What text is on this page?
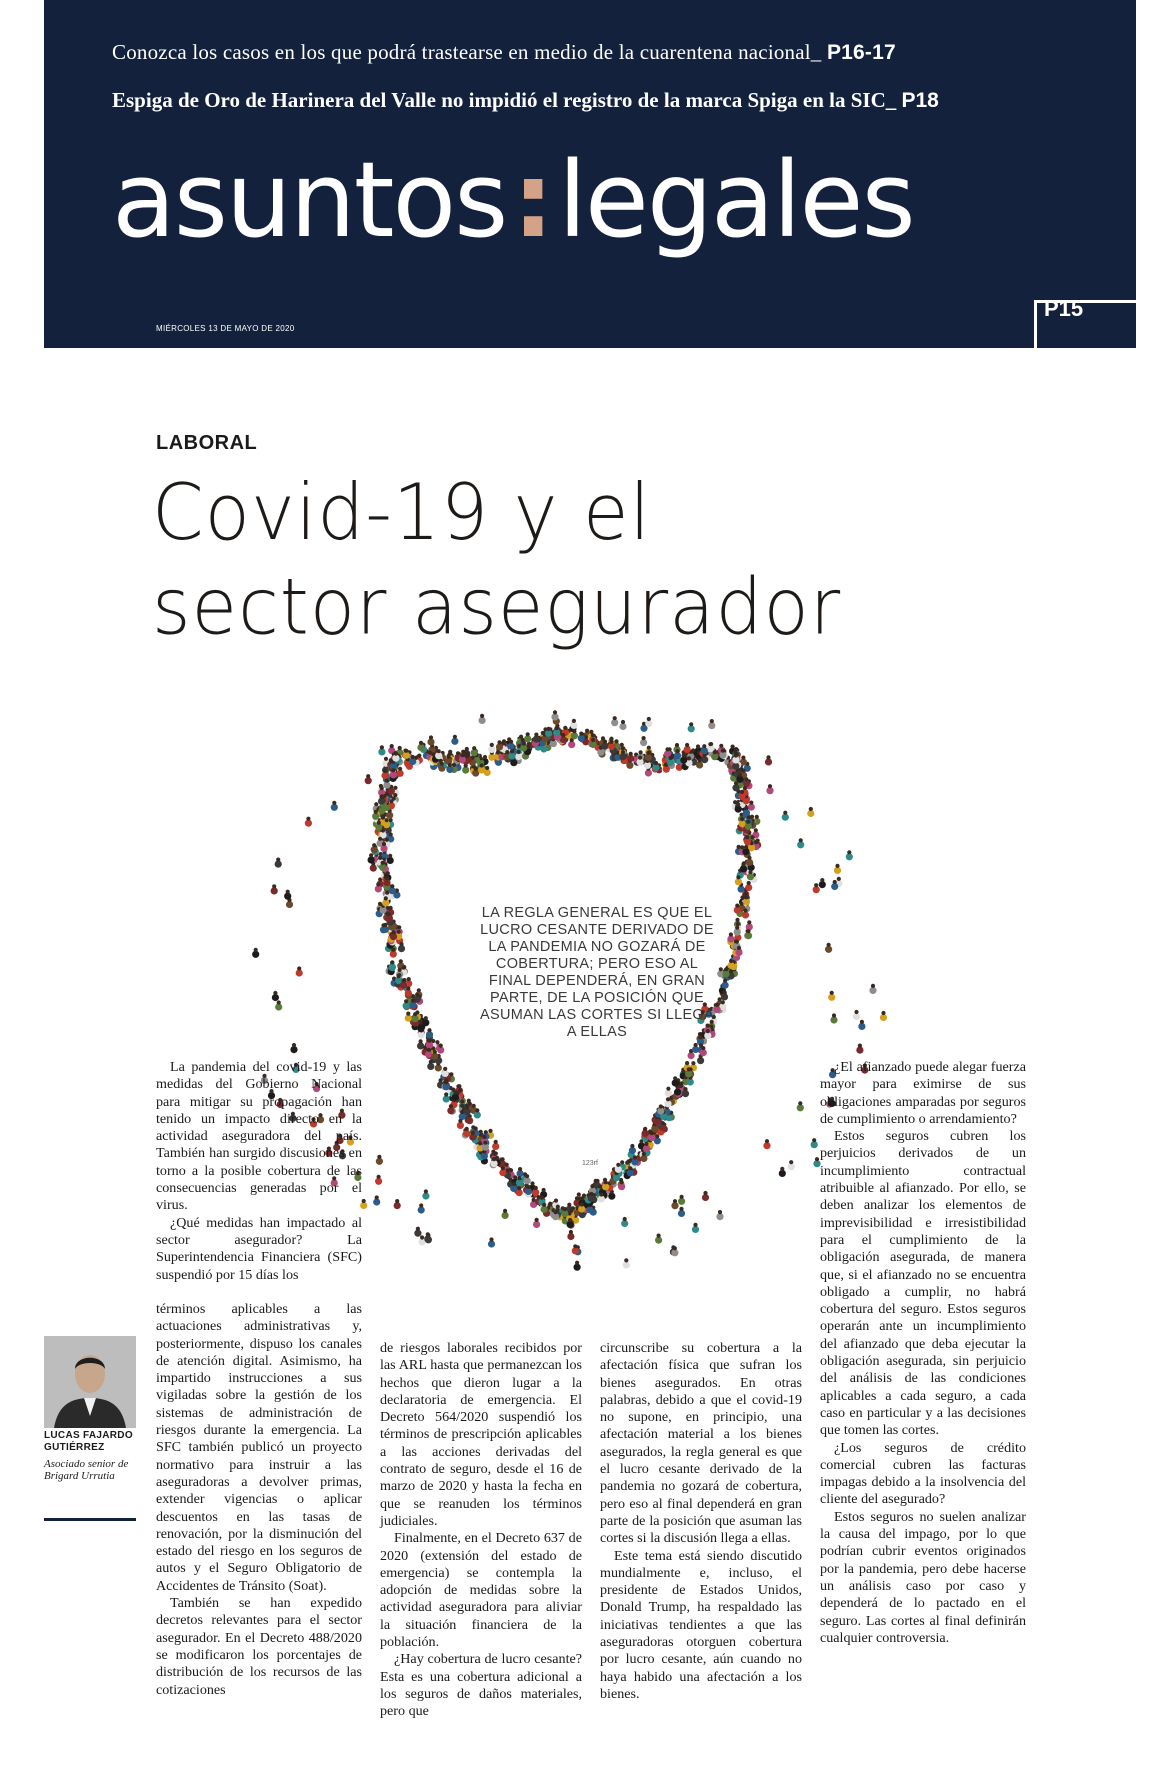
Conozca los casos en los que podrá trastearse en medio de la cuarentena nacional_ P16-17
Espiga de Oro de Harinera del Valle no impidió el registro de la marca Spiga en la SIC_ P18
asuntos:legales
MIÉRCOLES 13 DE MAYO DE 2020
P15
LABORAL
Covid-19 y el
sector asegurador
LA REGLA GENERAL ES QUE EL LUCRO CESANTE DERIVADO DE LA PANDEMIA NO GOZARÁ DE COBERTURA; PERO ESO AL FINAL DEPENDERÁ, EN GRAN PARTE, DE LA POSICIÓN QUE ASUMAN LAS CORTES SI LLEGA A ELLAS
123rf

La pandemia del covid-19 y las medidas del Gobierno Nacional para mitigar su propagación han tenido un impacto directo en la actividad aseguradora del país. También han surgido discusiones en torno a la posible cobertura de las consecuencias generadas por el virus.

¿Qué medidas han impactado al sector asegurador? La Superintendencia Financiera (SFC) suspendió por 15 días los

términos aplicables a las actuaciones administrativas y, posteriormente, dispuso los canales de atención digital. Asimismo, ha impartido instrucciones a sus vigiladas sobre la gestión de los sistemas de administración de riesgos durante la emergencia. La SFC también publicó un proyecto normativo para instruir a las aseguradoras a devolver primas, extender vigencias o aplicar descuentos en las tasas de renovación, por la disminución del estado del riesgo en los seguros de autos y el Seguro Obligatorio de Accidentes de Tránsito (Soat).

También se han expedido decretos relevantes para el sector asegurador. En el Decreto 488/2020 se modificaron los porcentajes de distribución de los recursos de las cotizaciones

de riesgos laborales recibidos por las ARL hasta que permanezcan los hechos que dieron lugar a la declaratoria de emergencia. El Decreto 564/2020 suspendió los términos de prescripción aplicables a las acciones derivadas del contrato de seguro, desde el 16 de marzo de 2020 y hasta la fecha en que se reanuden los términos judiciales.

Finalmente, en el Decreto 637 de 2020 (extensión del estado de emergencia) se contempla la adopción de medidas sobre la actividad aseguradora para aliviar la situación financiera de la población.

¿Hay cobertura de lucro cesante? Esta es una cobertura adicional a los seguros de daños materiales, pero que

circunscribe su cobertura a la afectación física que sufran los bienes asegurados. En otras palabras, debido a que el covid-19 no supone, en principio, una afectación material a los bienes asegurados, la regla general es que el lucro cesante derivado de la pandemia no gozará de cobertura, pero eso al final dependerá en gran parte de la posición que asuman las cortes si la discusión llega a ellas.

Este tema está siendo discutido mundialmente e, incluso, el presidente de Estados Unidos, Donald Trump, ha respaldado las iniciativas tendientes a que las aseguradoras otorguen cobertura por lucro cesante, aún cuando no haya habido una afectación a los bienes.

¿El afianzado puede alegar fuerza mayor para eximirse de sus obligaciones amparadas por seguros de cumplimiento o arrendamiento?

Estos seguros cubren los perjuicios derivados de un incumplimiento contractual atribuible al afianzado. Por ello, se deben analizar los elementos de imprevisibilidad e irresistibilidad para el cumplimiento de la obligación asegurada, de manera que, si el afianzado no se encuentra obligado a cumplir, no habrá cobertura del seguro. Estos seguros operarán ante un incumplimiento del afianzado que deba ejecutar la obligación asegurada, sin perjuicio del análisis de las condiciones aplicables a cada seguro, a cada caso en particular y a las decisiones que tomen las cortes.

¿Los seguros de crédito comercial cubren las facturas impagas debido a la insolvencia del cliente del asegurado?

Estos seguros no suelen analizar la causa del impago, por lo que podrían cubrir eventos originados por la pandemia, pero debe hacerse un análisis caso por caso y dependerá de lo pactado en el seguro. Las cortes al final definirán cualquier controversia.

LUCAS FAJARDO GUTIÉRREZ
Asociado senior de Brigard Urrutia
